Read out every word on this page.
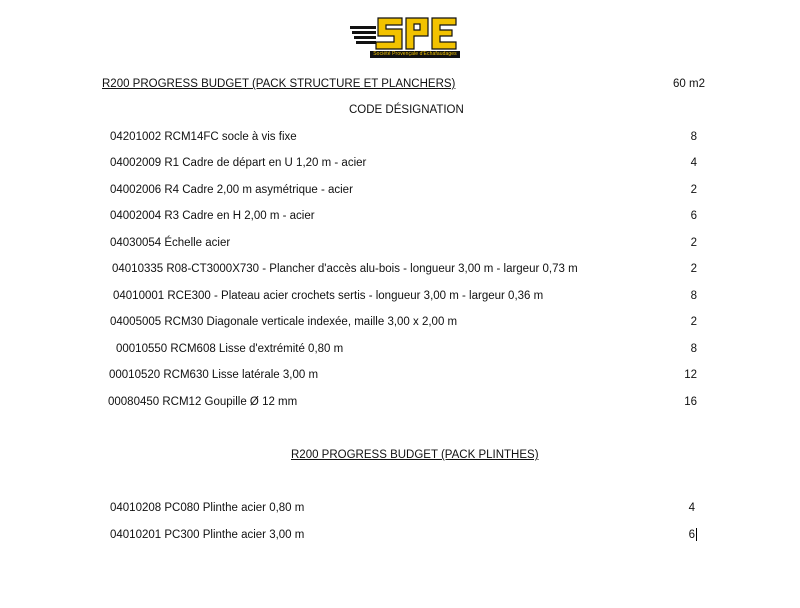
Société Provençale d'Échafaudages
R200 PROGRESS BUDGET (PACK STRUCTURE ET PLANCHERS)	60 m2
CODE DÉSIGNATION
04201002 RCM14FC socle à vis fixe	8
04002009 R1 Cadre de départ en U 1,20 m - acier	4
04002006 R4 Cadre 2,00 m asymétrique - acier	2
04002004 R3 Cadre en H 2,00 m - acier	6
04030054 Échelle acier	2
04010335 R08-CT3000X730 - Plancher d'accès alu-bois - longueur 3,00 m - largeur 0,73 m	2
04010001 RCE300 - Plateau acier crochets sertis - longueur 3,00 m - largeur 0,36 m	8
04005005 RCM30 Diagonale verticale indexée, maille 3,00 x 2,00 m	2
00010550 RCM608 Lisse d'extrémité 0,80 m	8
00010520 RCM630 Lisse latérale 3,00 m	12
00080450 RCM12 Goupille Ø 12 mm	16
R200 PROGRESS BUDGET (PACK PLINTHES)
04010208 PC080 Plinthe acier 0,80 m	4
04010201 PC300 Plinthe acier 3,00 m	6
